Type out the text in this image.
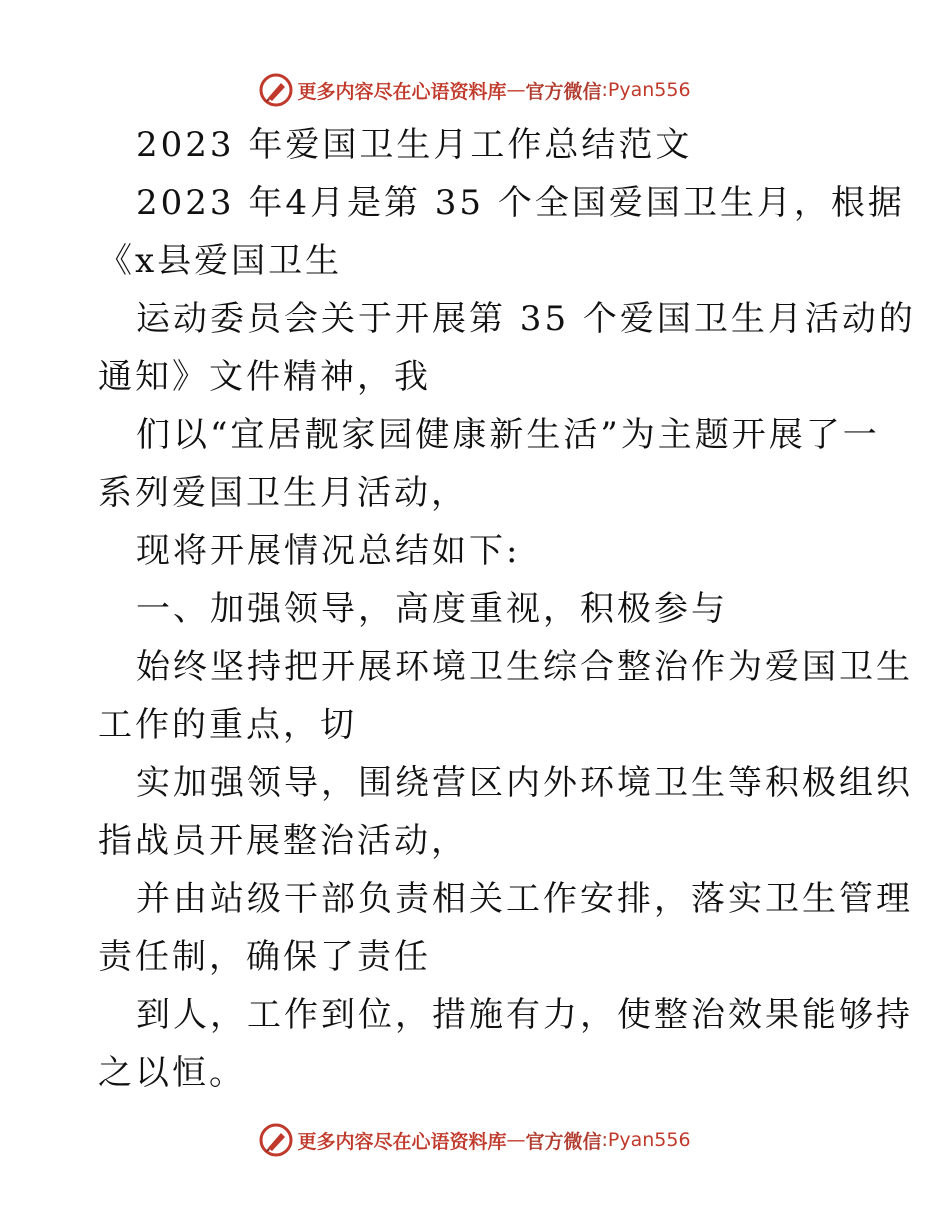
更多内容尽在心语资料库 — 官方微信 : Pyan556

2023 年爱国卫生月工作总结范文

2023 年4月是第 35 个全国爱国卫生月，根据

《x县爱国卫生

运动委员会关于开展第 35 个爱国卫生月活动的

通知》文件精神，我

们以“宜居靓家园健康新生活”为主题开展了一

系列爱国卫生月活动，

现将开展情况总结如下:

一、加强领导，高度重视，积极参与

始终坚持把开展环境卫生综合整治作为爱国卫生

工作的重点，切

实加强领导，围绕营区内外环境卫生等积极组织

指战员开展整治活动，

并由站级干部负责相关工作安排，落实卫生管理

责任制，确保了责任

到人，工作到位，措施有力，使整治效果能够持

之以恒。

更多内容尽在心语资料库 — 官方微信 : Pyan556
